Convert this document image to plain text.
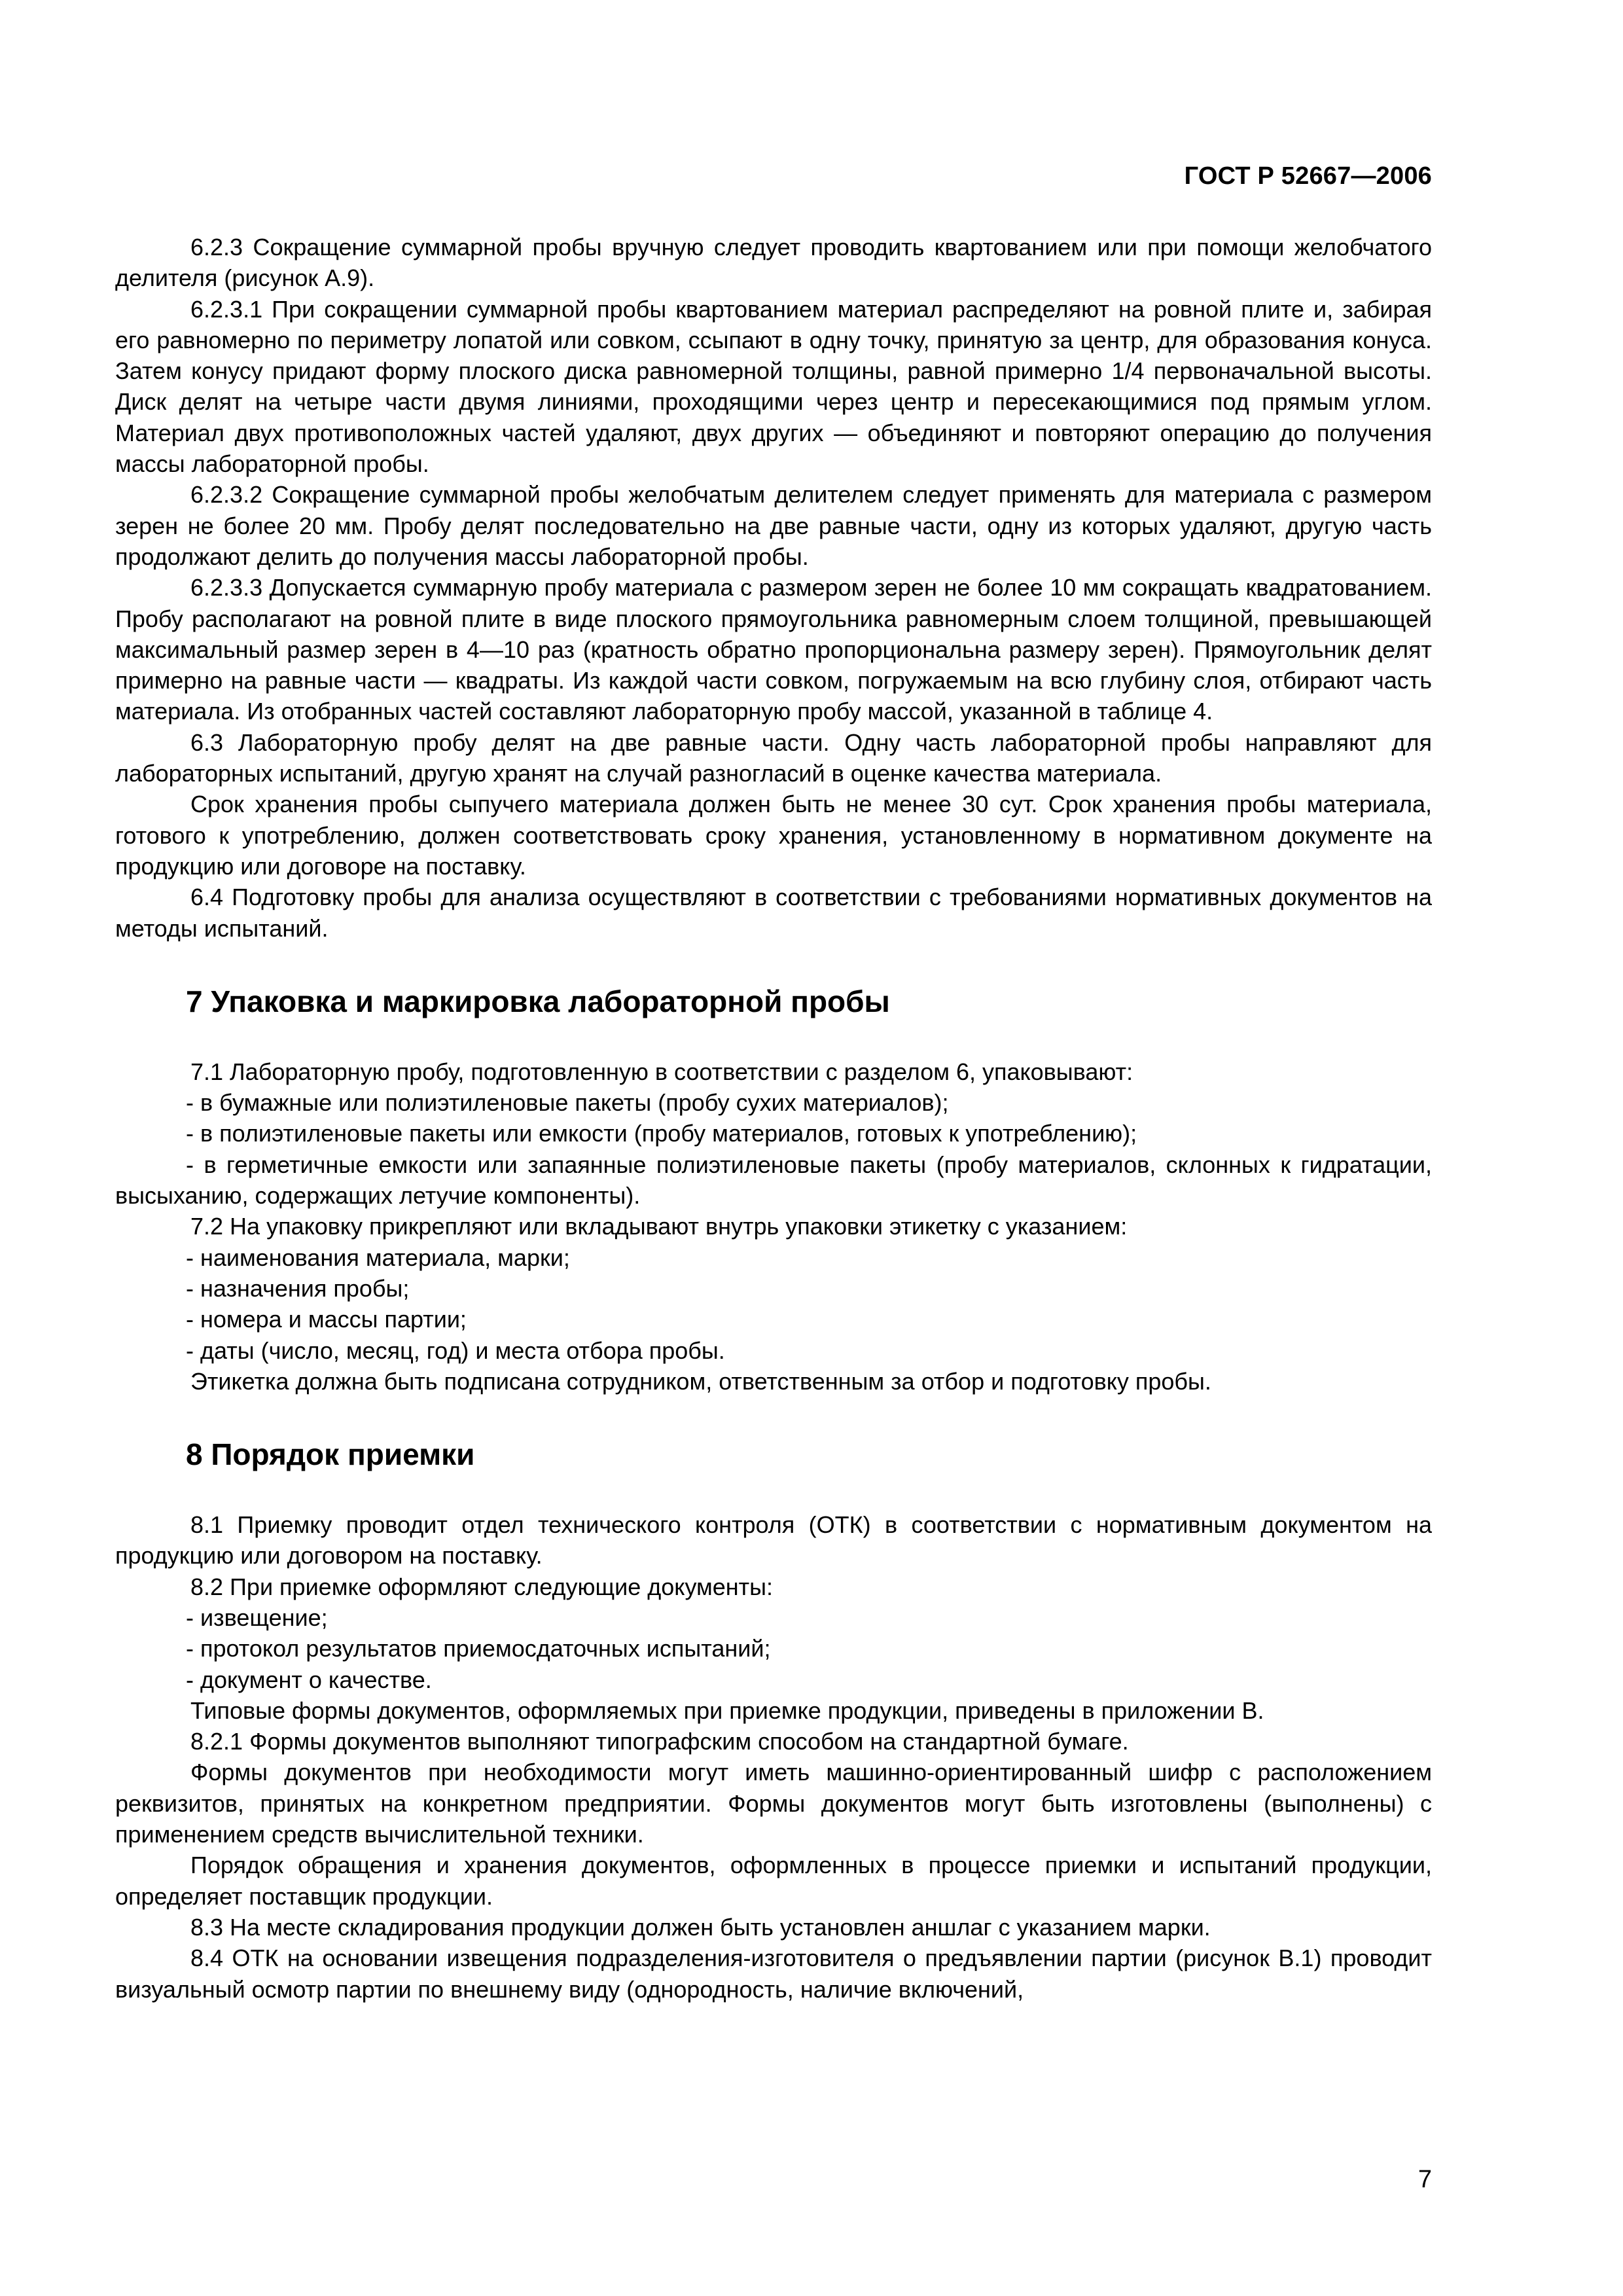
ГОСТ Р 52667—2006

6.2.3 Сокращение суммарной пробы вручную следует проводить квартованием или при помощи желобчатого делителя (рисунок А.9).

6.2.3.1 При сокращении суммарной пробы квартованием материал распределяют на ровной плите и, забирая его равномерно по периметру лопатой или совком, ссыпают в одну точку, принятую за центр, для образования конуса. Затем конусу придают форму плоского диска равномерной толщины, равной примерно 1/4 первоначальной высоты. Диск делят на четыре части двумя линиями, проходящими через центр и пересекающимися под прямым углом. Материал двух противоположных частей удаляют, двух других — объединяют и повторяют операцию до получения массы лабораторной пробы.

6.2.3.2 Сокращение суммарной пробы желобчатым делителем следует применять для материала с размером зерен не более 20 мм. Пробу делят последовательно на две равные части, одну из которых удаляют, другую часть продолжают делить до получения массы лабораторной пробы.

6.2.3.3 Допускается суммарную пробу материала с размером зерен не более 10 мм сокращать квадратованием. Пробу располагают на ровной плите в виде плоского прямоугольника равномерным слоем толщиной, превышающей максимальный размер зерен в 4—10 раз (кратность обратно пропорциональна размеру зерен). Прямоугольник делят примерно на равные части — квадраты. Из каждой части совком, погружаемым на всю глубину слоя, отбирают часть материала. Из отобранных частей составляют лабораторную пробу массой, указанной в таблице 4.

6.3 Лабораторную пробу делят на две равные части. Одну часть лабораторной пробы направляют для лабораторных испытаний, другую хранят на случай разногласий в оценке качества материала.

Срок хранения пробы сыпучего материала должен быть не менее 30 сут. Срок хранения пробы материала, готового к употреблению, должен соответствовать сроку хранения, установленному в нормативном документе на продукцию или договоре на поставку.

6.4 Подготовку пробы для анализа осуществляют в соответствии с требованиями нормативных документов на методы испытаний.

7 Упаковка и маркировка лабораторной пробы

7.1 Лабораторную пробу, подготовленную в соответствии с разделом 6, упаковывают:

- в бумажные или полиэтиленовые пакеты (пробу сухих материалов);
- в полиэтиленовые пакеты или емкости (пробу материалов, готовых к употреблению);
- в герметичные емкости или запаянные полиэтиленовые пакеты (пробу материалов, склонных к гидратации, высыханию, содержащих летучие компоненты).

7.2 На упаковку прикрепляют или вкладывают внутрь упаковки этикетку с указанием:

- наименования материала, марки;
- назначения пробы;
- номера и массы партии;
- даты (число, месяц, год) и места отбора пробы.

Этикетка должна быть подписана сотрудником, ответственным за отбор и подготовку пробы.

8 Порядок приемки

8.1 Приемку проводит отдел технического контроля (ОТК) в соответствии с нормативным документом на продукцию или договором на поставку.

8.2 При приемке оформляют следующие документы:

- извещение;
- протокол результатов приемосдаточных испытаний;
- документ о качестве.

Типовые формы документов, оформляемых при приемке продукции, приведены в приложении В.

8.2.1 Формы документов выполняют типографским способом на стандартной бумаге.

Формы документов при необходимости могут иметь машинно-ориентированный шифр с расположением реквизитов, принятых на конкретном предприятии. Формы документов могут быть изготовлены (выполнены) с применением средств вычислительной техники.

Порядок обращения и хранения документов, оформленных в процессе приемки и испытаний продукции, определяет поставщик продукции.

8.3 На месте складирования продукции должен быть установлен аншлаг с указанием марки.

8.4 ОТК на основании извещения подразделения-изготовителя о предъявлении партии (рисунок В.1) проводит визуальный осмотр партии по внешнему виду (однородность, наличие включений,

7
